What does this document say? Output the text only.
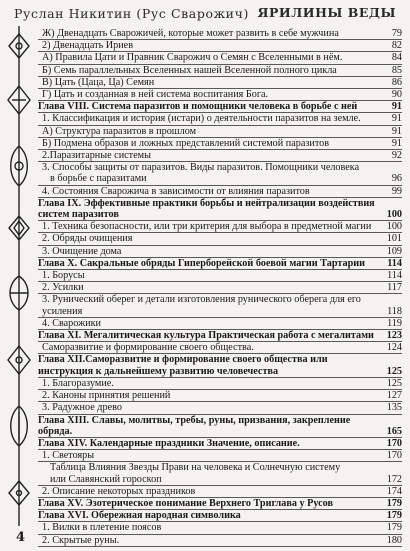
Руслан Никитин (Рус Сварожич) ЯРИЛИНЫ ВЕДЫ
Ж) Двенадцать Сварожичей, которые может развить в себе мужчина	79
2) Двенадцать Ириев	82
А) Правила Цати и Правник Сварожич о Семян с Вселенными в нём.	84
Б) Семь параллельных Вселенных нашей Вселенной полного цикла	85
В) Цать (Цаца, Ца) Семян	86
Г) Цать и созданная в ней система воспитания Бога.	90
Глава VIII. Система паразитов и помощники человека в борьбе с ней	91
1. Классификация и история (истари) о деятельности паразитов на земле.	91
А) Структура паразитов в прошлом	91
Б) Подмена образов и ложных представлений системой паразитов	91
2.Паразитарные системы	92
3. Способы защиты от паразитов. Виды паразитов. Помощники человека
в борьбе с паразитами	96
4. Состояния Сварожича в зависимости от влияния паразитов	99
Глава IX. Эффективные практики борьбы и нейтрализации воздействия систем паразитов	100
1. Техника безопасности, или три критерия для выбора в предметной магии	100
2. Обряды очищения	101
3. Очищение дома	109
Глава X. Сакральные обряды Гиперборейской боевой магии Тартарии	114
1. Борусы	114
2. Усилки	117
3. Рунический оберег и детали изготовления рунического оберега для его усиления	118
4. Сварожики	119
Глава XI. Мегалитическая культура Практическая работа с мегалитами	123
Самоpазвитие и формирование своего общества.	124
Глава XII.Саморазвитие и формирование своего общества или инструкция к дальнейшему развитию человечества	125
1. Благоразумие.	125
2. Каноны принятия решений	127
3. Радужное древо	135
Глава XIII. Славы, молитвы, требы, руны, призвания, закрепление обряда.	165
Глава XIV. Календарные праздники Значение, описание.	170
1. Светояры	170
Таблица Влияния Звезды Прави на человека и Солнечную систему
или Славянский гороскоп	172
2. Описание некоторых праздников	174
Глава XV. Эзотерическое понимание Верхнего Триглава у Русов	179
Глава XVI. Обережная народная символика	179
1. Вилки в плетение поясов	179
2. Скрытые руны.	180
4
